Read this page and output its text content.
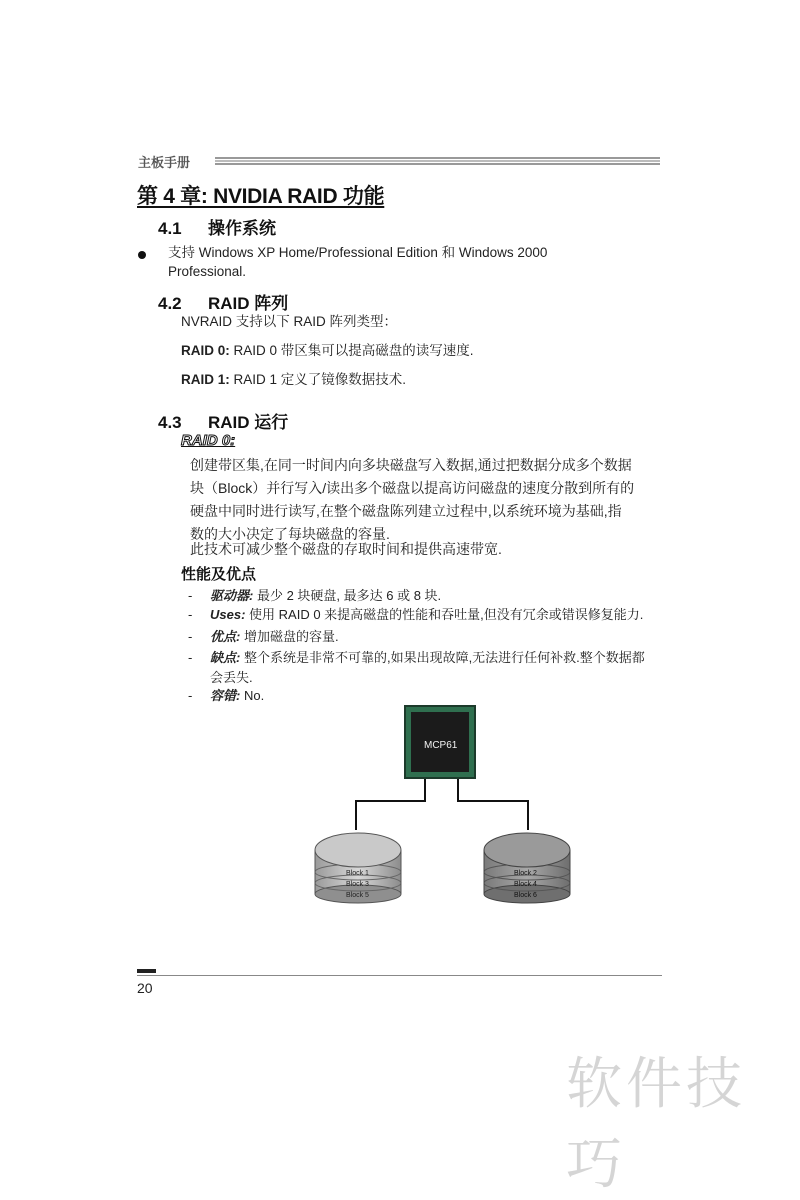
主板手册
第 4 章: NVIDIA RAID 功能
4.1 操作系统
支持 Windows XP Home/Professional Edition 和 Windows 2000
Professional.
4.2 RAID 阵列
NVRAID 支持以下 RAID 阵列类型：
RAID 0: RAID 0 带区集可以提高磁盘的读写速度.
RAID 1: RAID 1 定义了镜像数据技术.
4.3 RAID 运行
RAID 0:
创建带区集,在同一时间内向多块磁盘写入数据,通过把数据分成多个数据
块（Block）并行写入/读出多个磁盘以提高访问磁盘的速度分散到所有的
硬盘中同时进行读写,在整个磁盘陈列建立过程中,以系统环境为基础,指
数的大小决定了每块磁盘的容量.
此技术可减少整个磁盘的存取时间和提供高速带宽.
性能及优点
- 驱动器: 最少 2 块硬盘, 最多达 6 或 8 块.
- Uses: 使用 RAID 0 来提高磁盘的性能和吞吐量,但没有冗余或错误修复能力.
- 优点: 增加磁盘的容量.
- 缺点: 整个系统是非常不可靠的,如果出现故障,无法进行任何补救.整个数据都
会丢失.
- 容错: No.
MCP61
Block 1
Block 3
Block 5
Block 2
Block 4
Block 6
20
软件技巧
